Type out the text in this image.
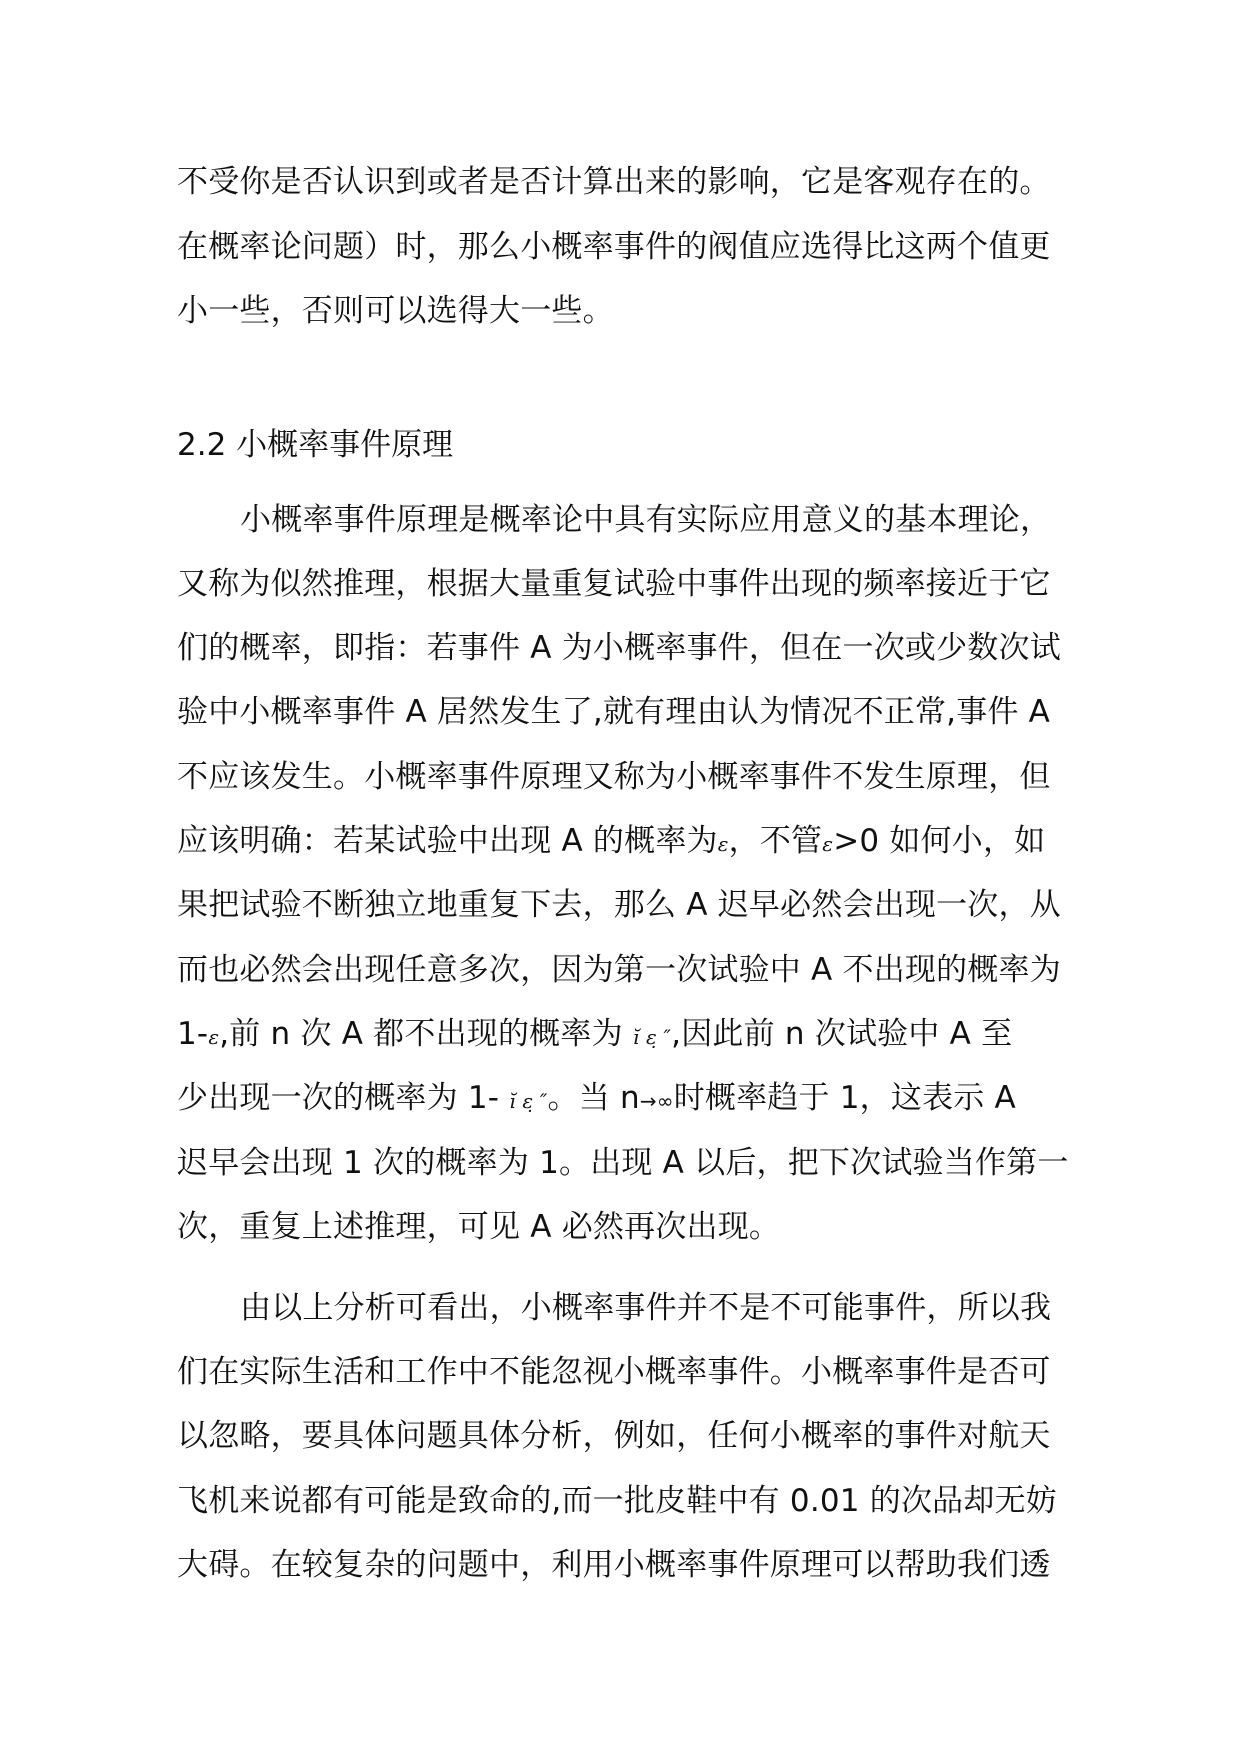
不受你是否认识到或者是否计算出来的影响，它是客观存在的。
在概率论问题）时，那么小概率事件的阀值应选得比这两个值更
小一些，否则可以选得大一些。
2.2 小概率事件原理
小概率事件原理是概率论中具有实际应用意义的基本理论，
又称为似然推理，根据大量重复试验中事件出现的频率接近于它
们的概率，即指：若事件 A 为小概率事件，但在一次或少数次试
验中小概率事件 A 居然发生了,就有理由认为情况不正常,事件 A
不应该发生。小概率事件原理又称为小概率事件不发生原理，但
应该明确：若某试验中出现 A 的概率为ε，不管ε>0 如何小，如
果把试验不断独立地重复下去，那么 A 迟早必然会出现一次，从
而也必然会出现任意多次，因为第一次试验中 A 不出现的概率为
1-ε,前 n 次 A 都不出现的概率为 ĭ ε̣ ″,因此前 n 次试验中 A 至
少出现一次的概率为 1- ĭ ε̣ ″。当 n→∞时概率趋于 1，这表示 A
迟早会出现 1 次的概率为 1。出现 A 以后，把下次试验当作第一
次，重复上述推理，可见 A 必然再次出现。
由以上分析可看出，小概率事件并不是不可能事件，所以我
们在实际生活和工作中不能忽视小概率事件。小概率事件是否可
以忽略，要具体问题具体分析，例如，任何小概率的事件对航天
飞机来说都有可能是致命的,而一批皮鞋中有 0.01 的次品却无妨
大碍。在较复杂的问题中，利用小概率事件原理可以帮助我们透
